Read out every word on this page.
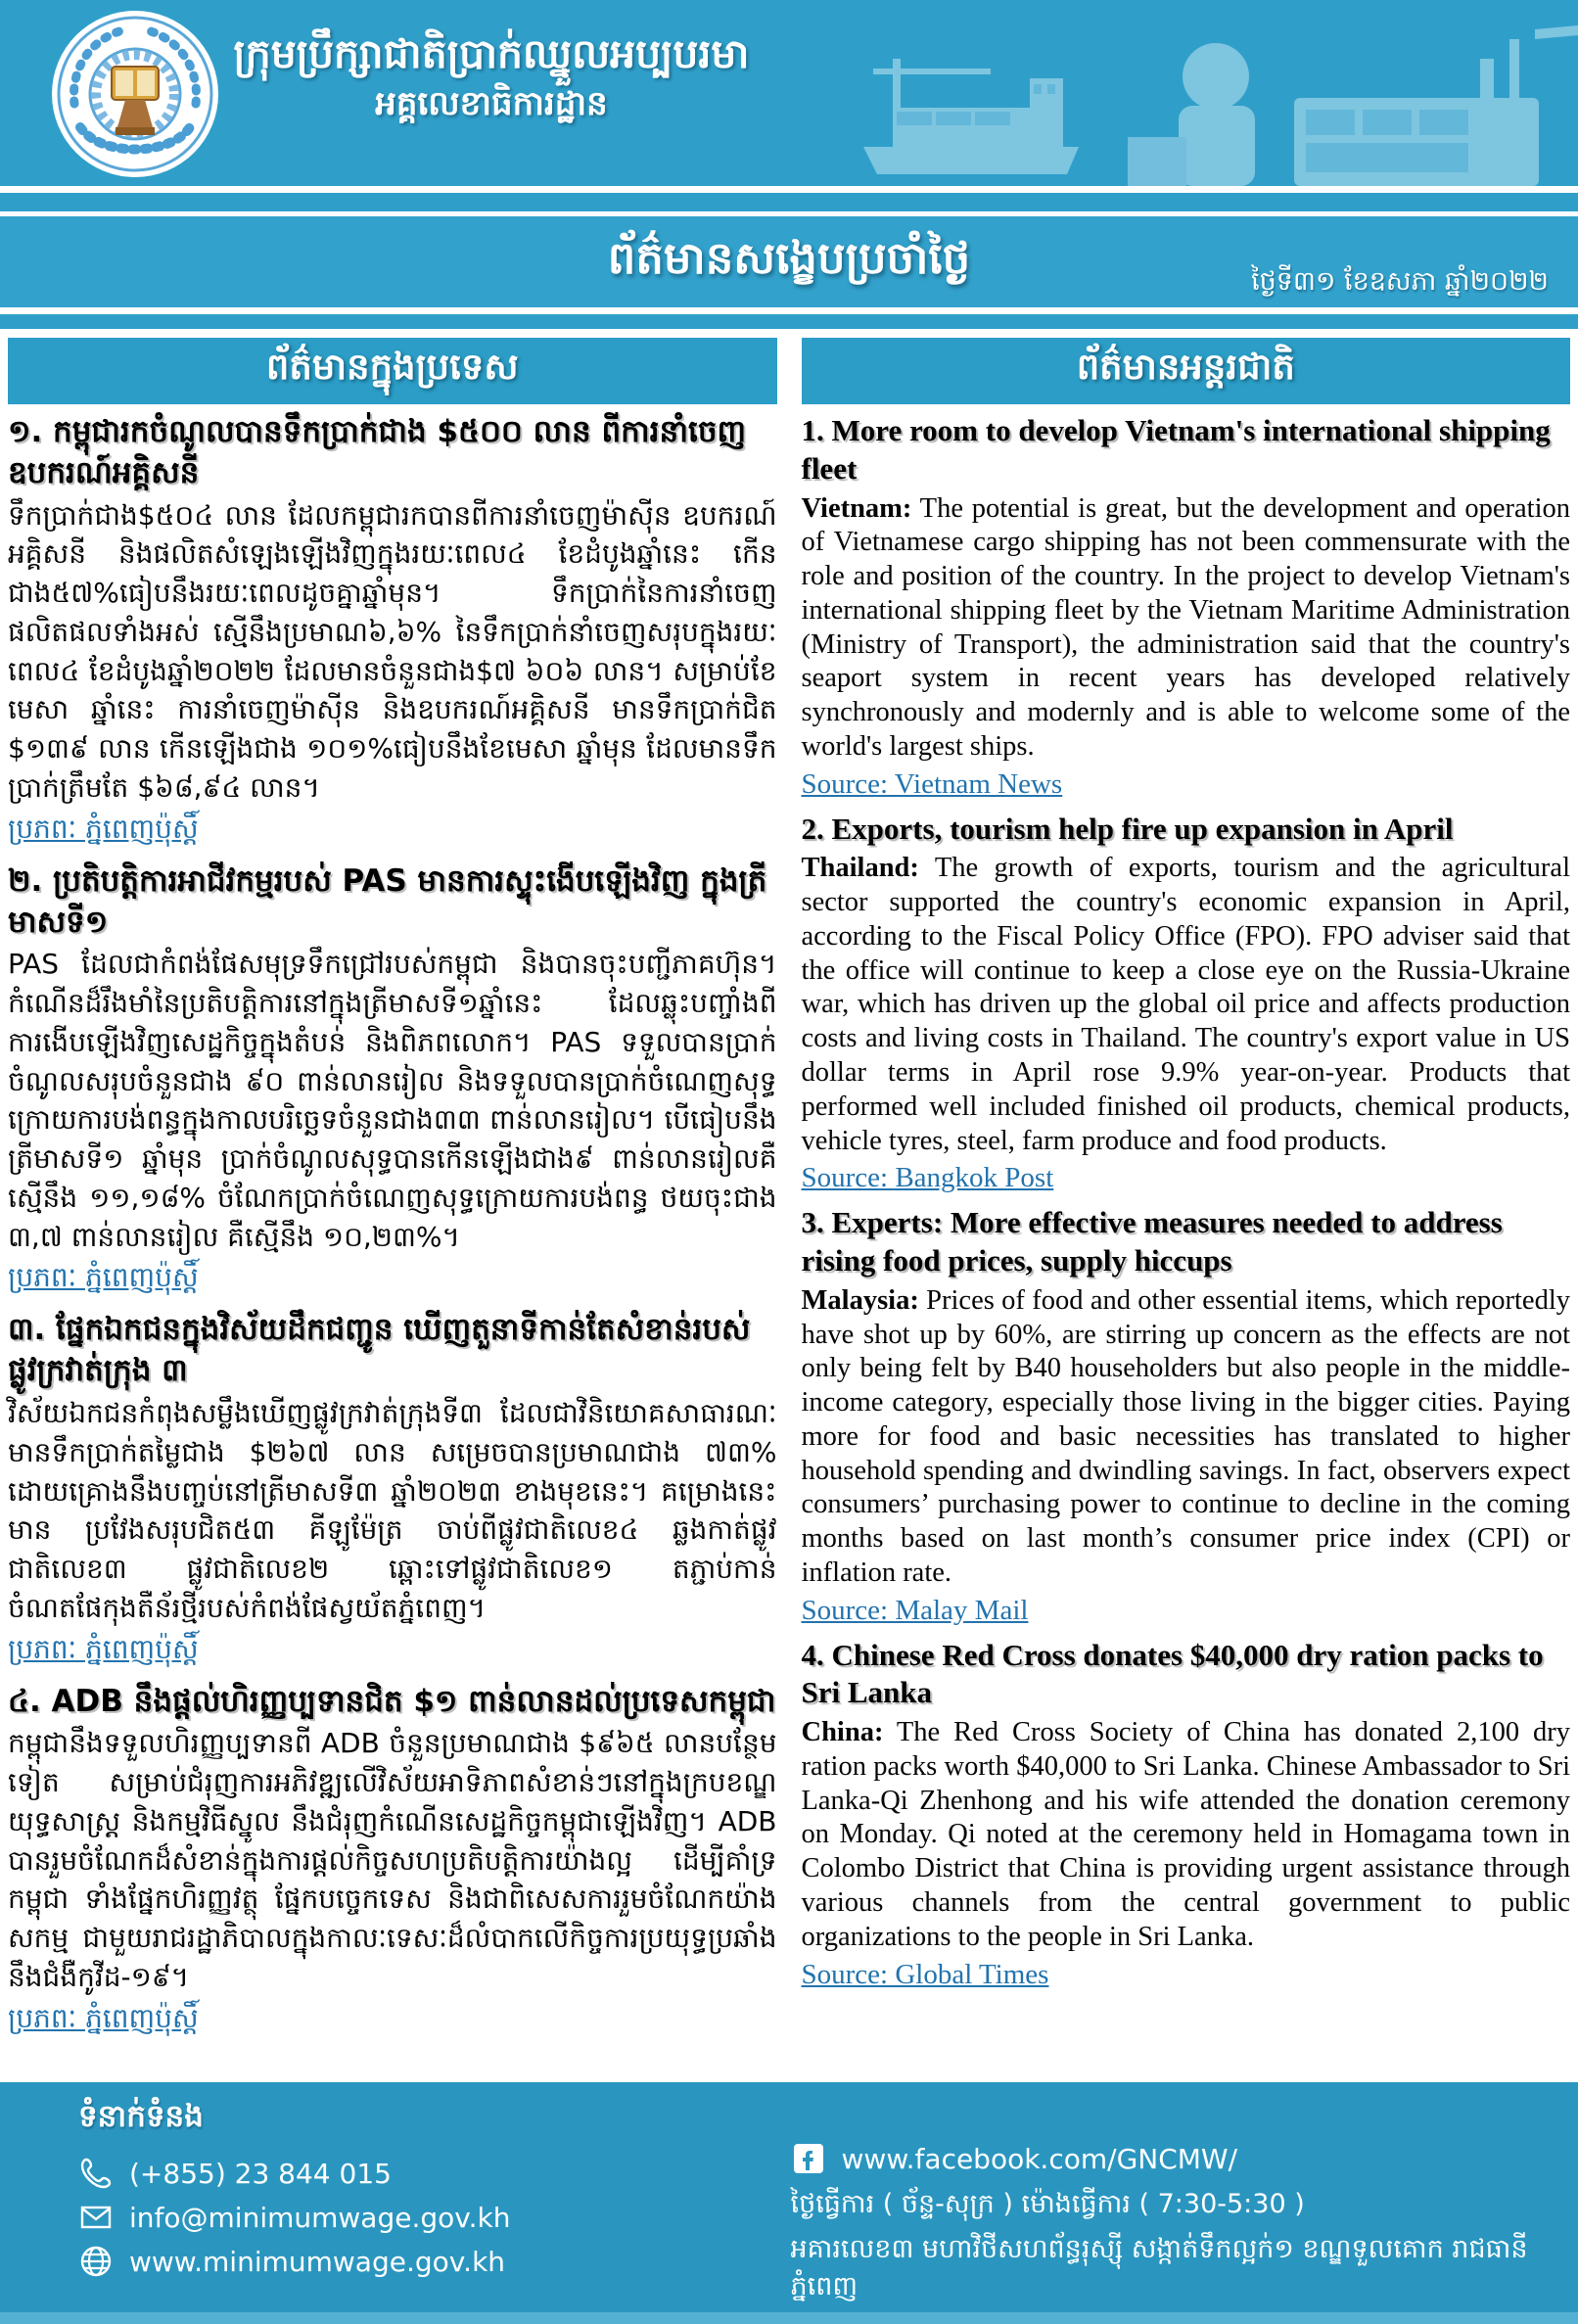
ក្រុមប្រឹក្សាជាតិប្រាក់ឈ្នួលអប្បបរមា
អគ្គលេខាធិការដ្ឋាន
ព័ត៌មានសង្ខេបប្រចាំថ្ងៃ	ថ្ងៃទី៣១ ខែឧសភា ឆ្នាំ២០២២
ព័ត៌មានក្នុងប្រទេស
១. កម្ពុជារកចំណូលបានទឹកប្រាក់ជាង $៥០០ លាន ពីការនាំចេញឧបករណ៍អគ្គិសនី

ទឹកប្រាក់ជាង$៥០៤ លាន ដែលកម្ពុជារកបានពីការនាំចេញម៉ាស៊ីន ឧបករណ៍អគ្គិសនី និងផលិតសំឡេងឡើងវិញក្នុងរយៈពេល៤ ខែដំបូងឆ្នាំនេះ កើនជាង៥៧%ធៀបនឹងរយៈពេលដូចគ្នាឆ្នាំមុន។ ទឹកប្រាក់នៃការនាំចេញផលិតផលទាំងអស់ ស្មើនឹងប្រមាណ៦,៦% នៃទឹកប្រាក់នាំចេញសរុបក្នុងរយៈពេល៤ ខែដំបូងឆ្នាំ២០២២ ដែលមានចំនួនជាង$៧ ៦០៦ លាន។ សម្រាប់ខែមេសា ឆ្នាំនេះ ការនាំចេញម៉ាស៊ីន និងឧបករណ៍អគ្គិសនី មានទឹកប្រាក់ជិត $១៣៩ លាន កើនឡើងជាង ១០១%ធៀបនឹងខែមេសា ឆ្នាំមុន ដែលមានទឹកប្រាក់ត្រឹមតែ $៦៨,៩៤ លាន។

ប្រភពៈ ភ្នំពេញប៉ុស្ដិ៍
២. ប្រតិបត្តិការអាជីវកម្មរបស់ PAS មានការស្ទុះងើបឡើងវិញ ក្នុងត្រីមាសទី១

PAS ដែលជាកំពង់ផែសមុទ្រទឹកជ្រៅរបស់កម្ពុជា និងបានចុះបញ្ជីភាគហ៊ុន។ កំណើនដ៏រឹងមាំនៃប្រតិបត្តិការនៅក្នុងត្រីមាសទី១ឆ្នាំនេះ ដែលឆ្លុះបញ្ចាំងពីការងើបឡើងវិញសេដ្ឋកិច្ចក្នុងតំបន់ និងពិភពលោក។ PAS ទទួលបានប្រាក់ចំណូលសរុបចំនួនជាង ៩០ ពាន់លានរៀល និងទទួលបានប្រាក់ចំណេញសុទ្ធក្រោយការបង់ពន្ធក្នុងកាលបរិច្ឆេទចំនួនជាង៣៣ ពាន់លានរៀល។ បើធៀបនឹងត្រីមាសទី១ ឆ្នាំមុន ប្រាក់ចំណូលសុទ្ធបានកើនឡើងជាង៩ ពាន់លានរៀលគឺស្មើនឹង ១១,១៨% ចំណែកប្រាក់ចំណេញសុទ្ធក្រោយការបង់ពន្ធ ថយចុះជាង ៣,៧ ពាន់លានរៀល គឺស្មើនឹង ១០,២៣%។

ប្រភពៈ ភ្នំពេញប៉ុស្ដិ៍
៣. ផ្នែកឯកជនក្នុងវិស័យដឹកជញ្ជូន ឃើញតួនាទីកាន់តែសំខាន់របស់ផ្លូវក្រវាត់ក្រុង ៣

វិស័យឯកជនកំពុងសម្លឹងឃើញផ្លូវក្រវាត់ក្រុងទី៣ ដែលជាវិនិយោគសាធារណៈមានទឹកប្រាក់តម្លៃជាង $២៦៧ លាន សម្រេចបានប្រមាណជាង ៧៣% ដោយគ្រោងនឹងបញ្ចប់នៅត្រីមាសទី៣ ឆ្នាំ២០២៣ ខាងមុខនេះ។ គម្រោងនេះមាន ប្រវែងសរុបជិត៥៣ គីឡូម៉ែត្រ ចាប់ពីផ្លូវជាតិលេខ៤ ឆ្លងកាត់ផ្លូវជាតិលេខ៣ ផ្លូវជាតិលេខ២ ឆ្ពោះទៅផ្លូវជាតិលេខ១ តភ្ជាប់កាន់ចំណតផែកុងតឺន័រថ្មីរបស់កំពង់ផែស្វយ័តភ្នំពេញ។

ប្រភពៈ ភ្នំពេញប៉ុស្ដិ៍
៤. ADB នឹងផ្តល់ហិរញ្ញប្បទានជិត $១ ពាន់លានដល់ប្រទេសកម្ពុជា

កម្ពុជានឹងទទួលហិរញ្ញប្បទានពី ADB ចំនួនប្រមាណជាង $៩៦៥ លានបន្ថែមទៀត សម្រាប់ជំរុញការអភិវឌ្ឍលើវិស័យអាទិភាពសំខាន់ៗនៅក្នុងក្របខណ្ឌយុទ្ធសាស្ត្រ និងកម្មវិធីស្នូល នឹងជំរុញកំណើនសេដ្ឋកិច្ចកម្ពុជាឡើងវិញ។ ADB បានរួមចំណែកដ៏សំខាន់ក្នុងការផ្តល់កិច្ចសហប្រតិបត្តិការយ៉ាងល្អ ដើម្បីគាំទ្រកម្ពុជា ទាំងផ្នែកហិរញ្ញវត្ថុ ផ្នែកបច្ចេកទេស និងជាពិសេសការរួមចំណែកយ៉ាងសកម្ម ជាមួយរាជរដ្ឋាភិបាលក្នុងកាលៈទេសៈដ៏លំបាកលើកិច្ចការប្រយុទ្ធប្រឆាំងនឹងជំងឺកូវីដ-១៩។

ប្រភពៈ ភ្នំពេញប៉ុស្ដិ៍
ព័ត៌មានអន្តរជាតិ
1. More room to develop Vietnam's international shipping fleet

Vietnam: The potential is great, but the development and operation of Vietnamese cargo shipping has not been commensurate with the role and position of the country. In the project to develop Vietnam's international shipping fleet by the Vietnam Maritime Administration (Ministry of Transport), the administration said that the country's seaport system in recent years has developed relatively synchronously and modernly and is able to welcome some of the world's largest ships.

Source: Vietnam News
2. Exports, tourism help fire up expansion in April

Thailand: The growth of exports, tourism and the agricultural sector supported the country's economic expansion in April, according to the Fiscal Policy Office (FPO). FPO adviser said that the office will continue to keep a close eye on the Russia-Ukraine war, which has driven up the global oil price and affects production costs and living costs in Thailand. The country's export value in US dollar terms in April rose 9.9% year-on-year. Products that performed well included finished oil products, chemical products, vehicle tyres, steel, farm produce and food products.

Source: Bangkok Post
3. Experts: More effective measures needed to address rising food prices, supply hiccups

Malaysia: Prices of food and other essential items, which reportedly have shot up by 60%, are stirring up concern as the effects are not only being felt by B40 householders but also people in the middle-income category, especially those living in the bigger cities. Paying more for food and basic necessities has translated to higher household spending and dwindling savings. In fact, observers expect consumers’ purchasing power to continue to decline in the coming months based on last month’s consumer price index (CPI) or inflation rate.

Source: Malay Mail
4. Chinese Red Cross donates $40,000 dry ration packs to Sri Lanka

China: The Red Cross Society of China has donated 2,100 dry ration packs worth $40,000 to Sri Lanka. Chinese Ambassador to Sri Lanka-Qi Zhenhong and his wife attended the donation ceremony on Monday. Qi noted at the ceremony held in Homagama town in Colombo District that China is providing urgent assistance through various channels from the central government to public organizations to the people in Sri Lanka.

Source: Global Times
ទំនាក់ទំនង
(+855) 23 844 015
info@minimumwage.gov.kh
www.minimumwage.gov.kh
www.facebook.com/GNCMW/
ថ្ងៃធ្វើការ ( ច័ន្ទ-សុក្រ ) ម៉ោងធ្វើការ ( 7:30-5:30 )
អគារលេខ៣ មហាវិថីសហព័ន្ធរុស្ស៊ី សង្កាត់ទឹកល្អក់១ ខណ្ឌទួលគោក រាជធានីភ្នំពេញ
